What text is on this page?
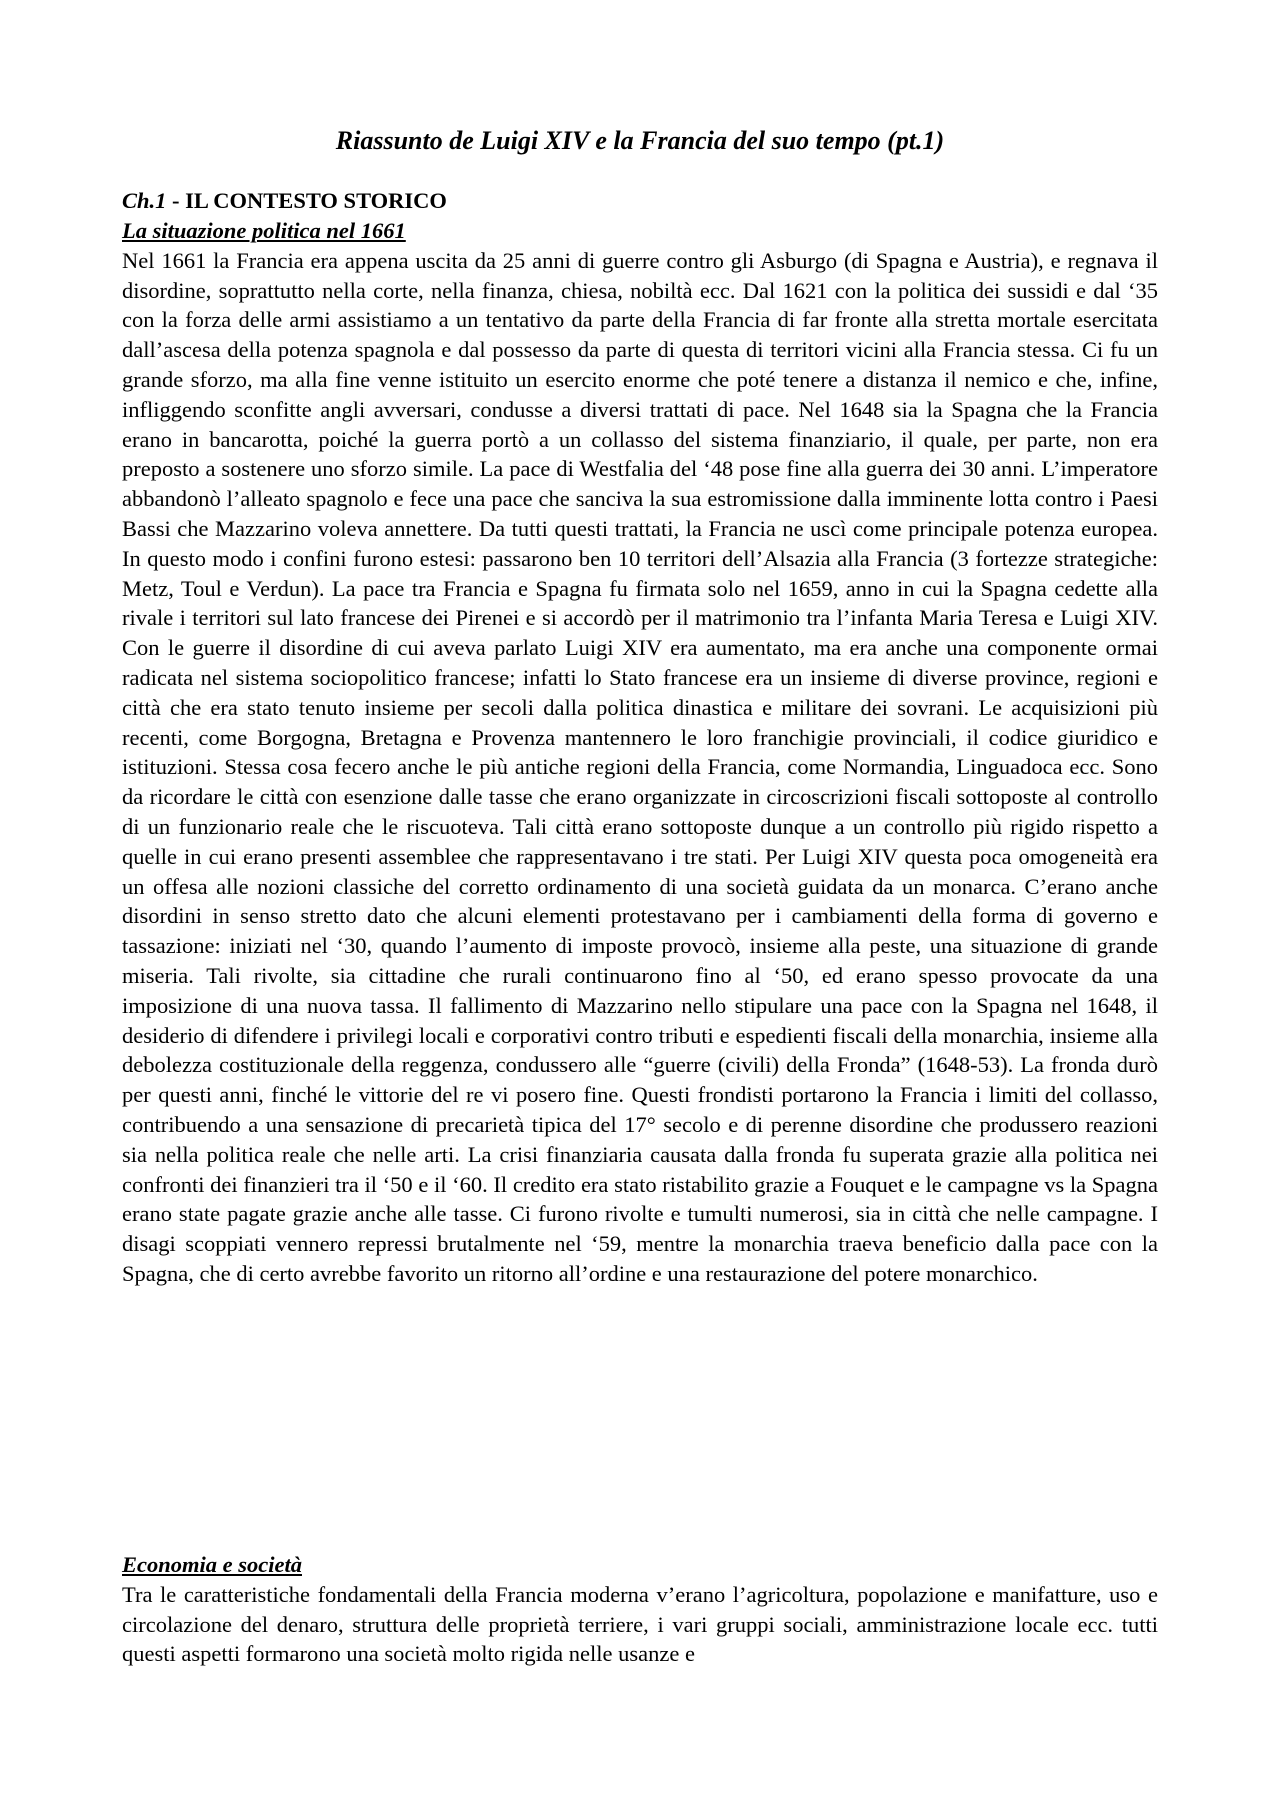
Riassunto de Luigi XIV e la Francia del suo tempo (pt.1)
Ch.1 - IL CONTESTO STORICO
La situazione politica nel 1661

Nel 1661 la Francia era appena uscita da 25 anni di guerre contro gli Asburgo (di Spagna e Austria), e regnava il disordine, soprattutto nella corte, nella finanza, chiesa, nobiltà ecc. Dal 1621 con la politica dei sussidi e dal ‘35 con la forza delle armi assistiamo a un tentativo da parte della Francia di far fronte alla stretta mortale esercitata dall’ascesa della potenza spagnola e dal possesso da parte di questa di territori vicini alla Francia stessa. Ci fu un grande sforzo, ma alla fine venne istituito un esercito enorme che poté tenere a distanza il nemico e che, infine, infliggendo sconfitte angli avversari, condusse a diversi trattati di pace. Nel 1648 sia la Spagna che la Francia erano in bancarotta, poiché la guerra portò a un collasso del sistema finanziario, il quale, per parte, non era preposto a sostenere uno sforzo simile. La pace di Westfalia del ‘48 pose fine alla guerra dei 30 anni. L’imperatore abbandonò l’alleato spagnolo e fece una pace che sanciva la sua estromissione dalla imminente lotta contro i Paesi Bassi che Mazzarino voleva annettere. Da tutti questi trattati, la Francia ne uscì come principale potenza europea. In questo modo i confini furono estesi: passarono ben 10 territori dell’Alsazia alla Francia (3 fortezze strategiche: Metz, Toul e Verdun). La pace tra Francia e Spagna fu firmata solo nel 1659, anno in cui la Spagna cedette alla rivale i territori sul lato francese dei Pirenei e si accordò per il matrimonio tra l’infanta Maria Teresa e Luigi XIV. Con le guerre il disordine di cui aveva parlato Luigi XIV era aumentato, ma era anche una componente ormai radicata nel sistema sociopolitico francese; infatti lo Stato francese era un insieme di diverse province, regioni e città che era stato tenuto insieme per secoli dalla politica dinastica e militare dei sovrani. Le acquisizioni più recenti, come Borgogna, Bretagna e Provenza mantennero le loro franchigie provinciali, il codice giuridico e istituzioni. Stessa cosa fecero anche le più antiche regioni della Francia, come Normandia, Linguadoca ecc. Sono da ricordare le città con esenzione dalle tasse che erano organizzate in circoscrizioni fiscali sottoposte al controllo di un funzionario reale che le riscuoteva. Tali città erano sottoposte dunque a un controllo più rigido rispetto a quelle in cui erano presenti assemblee che rappresentavano i tre stati. Per Luigi XIV questa poca omogeneità era un offesa alle nozioni classiche del corretto ordinamento di una società guidata da un monarca. C’erano anche disordini in senso stretto dato che alcuni elementi protestavano per i cambiamenti della forma di governo e tassazione: iniziati nel ‘30, quando l’aumento di imposte provocò, insieme alla peste, una situazione di grande miseria. Tali rivolte, sia cittadine che rurali continuarono fino al ‘50, ed erano spesso provocate da una imposizione di una nuova tassa. Il fallimento di Mazzarino nello stipulare una pace con la Spagna nel 1648, il desiderio di difendere i privilegi locali e corporativi contro tributi e espedienti fiscali della monarchia, insieme alla debolezza costituzionale della reggenza, condussero alle “guerre (civili) della Fronda” (1648-53). La fronda durò per questi anni, finché le vittorie del re vi posero fine. Questi frondisti portarono la Francia i limiti del collasso, contribuendo a una sensazione di precarietà tipica del 17° secolo e di perenne disordine che produssero reazioni sia nella politica reale che nelle arti. La crisi finanziaria causata dalla fronda fu superata grazie alla politica nei confronti dei finanzieri tra il ‘50 e il ‘60. Il credito era stato ristabilito grazie a Fouquet e le campagne vs la Spagna erano state pagate grazie anche alle tasse. Ci furono rivolte e tumulti numerosi, sia in città che nelle campagne. I disagi scoppiati vennero repressi brutalmente nel ‘59, mentre la monarchia traeva beneficio dalla pace con la Spagna, che di certo avrebbe favorito un ritorno all’ordine e una restaurazione del potere monarchico.

Economia e società

Tra le caratteristiche fondamentali della Francia moderna v’erano l’agricoltura, popolazione e manifatture, uso e circolazione del denaro, struttura delle proprietà terriere, i vari gruppi sociali, amministrazione locale ecc. tutti questi aspetti formarono una società molto rigida nelle usanze e
